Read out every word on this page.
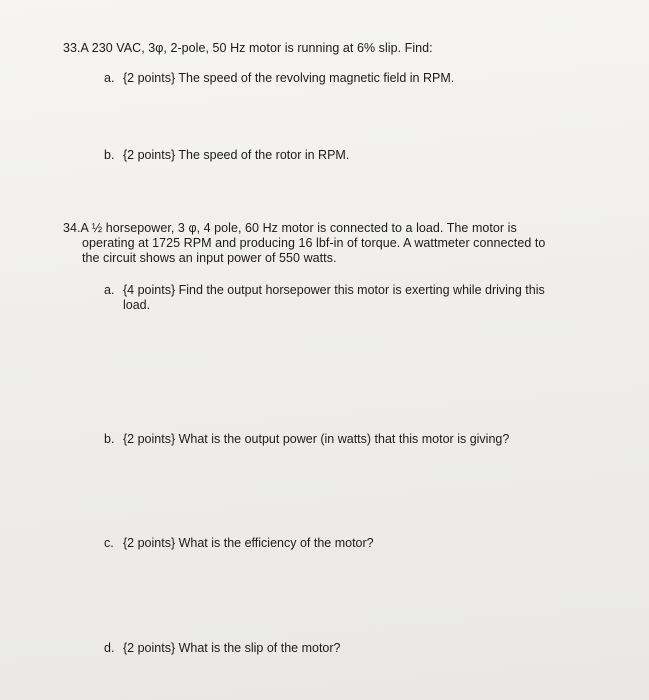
33.A 230 VAC, 3φ, 2-pole, 50 Hz motor is running at 6% slip. Find:
a. {2 points} The speed of the revolving magnetic field in RPM.
b. {2 points} The speed of the rotor in RPM.
34.A ½ horsepower, 3 φ, 4 pole, 60 Hz motor is connected to a load. The motor is
operating at 1725 RPM and producing 16 lbf-in of torque. A wattmeter connected to
the circuit shows an input power of 550 watts.
a. {4 points} Find the output horsepower this motor is exerting while driving this
load.
b. {2 points} What is the output power (in watts) that this motor is giving?
c. {2 points} What is the efficiency of the motor?
d. {2 points} What is the slip of the motor?
